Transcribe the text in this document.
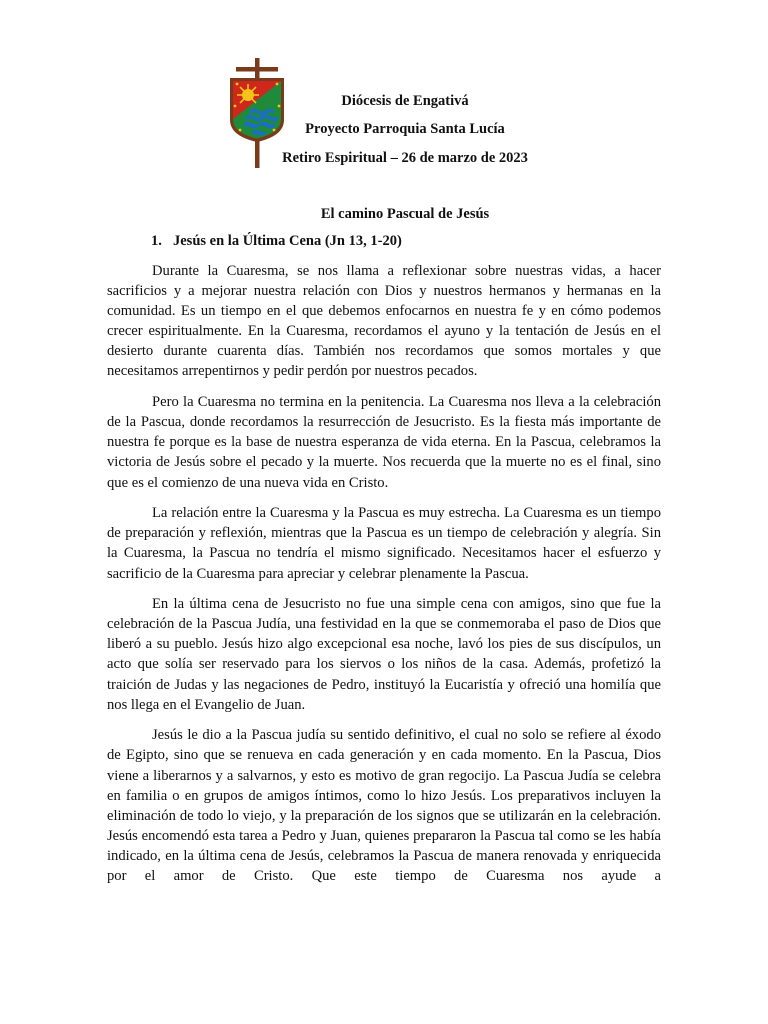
Diócesis de Engativá
Proyecto Parroquia Santa Lucía
Retiro Espiritual – 26 de marzo de 2023
El camino Pascual de Jesús
1. Jesús en la Última Cena (Jn 13, 1-20)

Durante la Cuaresma, se nos llama a reflexionar sobre nuestras vidas, a hacer sacrificios y a mejorar nuestra relación con Dios y nuestros hermanos y hermanas en la comunidad. Es un tiempo en el que debemos enfocarnos en nuestra fe y en cómo podemos crecer espiritualmente. En la Cuaresma, recordamos el ayuno y la tentación de Jesús en el desierto durante cuarenta días. También nos recordamos que somos mortales y que necesitamos arrepentirnos y pedir perdón por nuestros pecados.

Pero la Cuaresma no termina en la penitencia. La Cuaresma nos lleva a la celebración de la Pascua, donde recordamos la resurrección de Jesucristo. Es la fiesta más importante de nuestra fe porque es la base de nuestra esperanza de vida eterna. En la Pascua, celebramos la victoria de Jesús sobre el pecado y la muerte. Nos recuerda que la muerte no es el final, sino que es el comienzo de una nueva vida en Cristo.

La relación entre la Cuaresma y la Pascua es muy estrecha. La Cuaresma es un tiempo de preparación y reflexión, mientras que la Pascua es un tiempo de celebración y alegría. Sin la Cuaresma, la Pascua no tendría el mismo significado. Necesitamos hacer el esfuerzo y sacrificio de la Cuaresma para apreciar y celebrar plenamente la Pascua.

En la última cena de Jesucristo no fue una simple cena con amigos, sino que fue la celebración de la Pascua Judía, una festividad en la que se conmemoraba el paso de Dios que liberó a su pueblo. Jesús hizo algo excepcional esa noche, lavó los pies de sus discípulos, un acto que solía ser reservado para los siervos o los niños de la casa. Además, profetizó la traición de Judas y las negaciones de Pedro, instituyó la Eucaristía y ofreció una homilía que nos llega en el Evangelio de Juan.

Jesús le dio a la Pascua judía su sentido definitivo, el cual no solo se refiere al éxodo de Egipto, sino que se renueva en cada generación y en cada momento. En la Pascua, Dios viene a liberarnos y a salvarnos, y esto es motivo de gran regocijo. La Pascua Judía se celebra en familia o en grupos de amigos íntimos, como lo hizo Jesús. Los preparativos incluyen la eliminación de todo lo viejo, y la preparación de los signos que se utilizarán en la celebración. Jesús encomendó esta tarea a Pedro y Juan, quienes prepararon la Pascua tal como se les había indicado, en la última cena de Jesús, celebramos la Pascua de manera renovada y enriquecida por el amor de Cristo. Que este tiempo de Cuaresma nos ayude a
